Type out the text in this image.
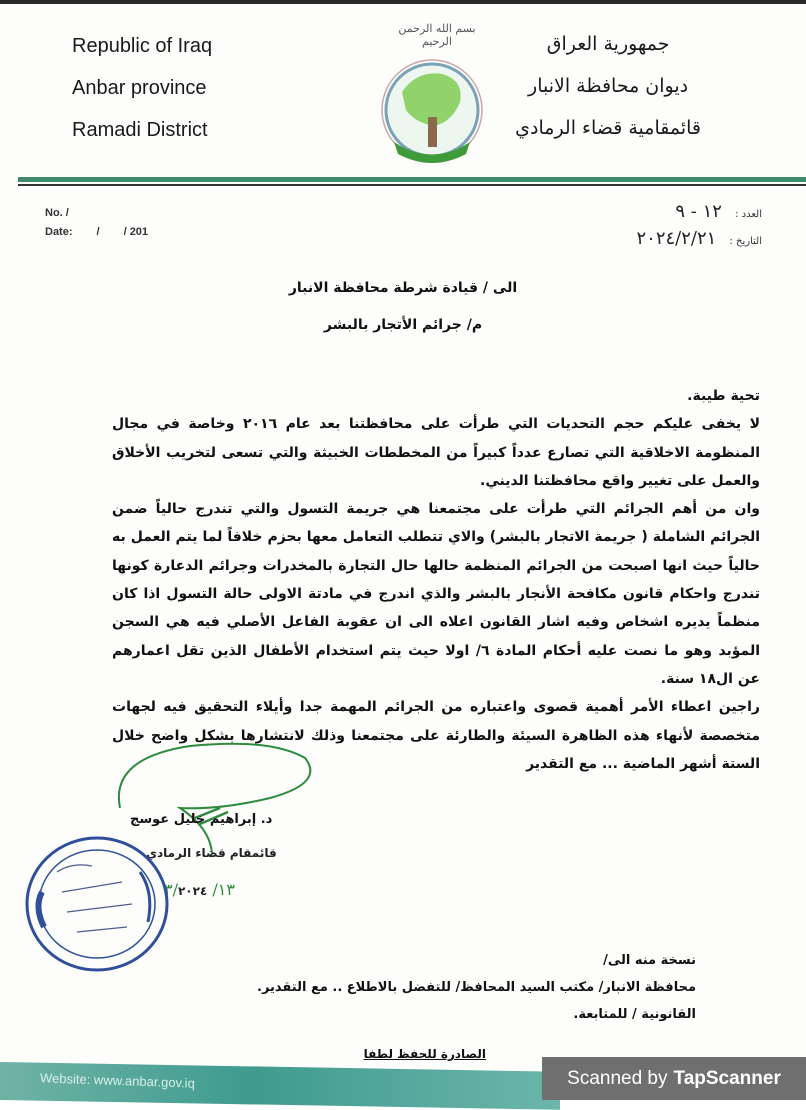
Republic of Iraq
Anbar province
Ramadi District
بسم الله الرحمن الرحيم	جمهورية العراق
ديوان محافظة الانبار
قائمقامية قضاء الرمادي
No. /
Date: / / 201
العدد : ١٢ - ٩
التاريخ : ٢٠٢٤/٢/٢١
الى / قيادة شرطة محافظة الانبار
م/ جرائم الأتجار بالبشر

تحية طيبة.

لا يخفى عليكم حجم التحديات التي طرأت على محافظتنا بعد عام ٢٠١٦ وخاصة في مجال المنظومة الاخلاقية التي تصارع عدداً كبيراً من المخططات الخبيثة والتي تسعى لتخريب الأخلاق والعمل على تغيير واقع محافظتنا الديني.

وان من أهم الجرائم التي طرأت على مجتمعنا هي جريمة التسول والتي تندرج حالياً ضمن الجرائم الشاملة ( جريمة الاتجار بالبشر) والاي تتطلب التعامل معها بحزم خلافاً لما يتم العمل به حالياً حيث انها اصبحت من الجرائم المنظمة حالها حال التجارة بالمخدرات وجرائم الدعارة كونها تندرج واحكام قانون مكافحة الأنجار بالبشر والذي اندرج في مادتة الاولى حالة التسول اذا كان منظماً يديره اشخاص وفيه اشار القانون اعلاه الى ان عقوبة الفاعل الأصلي فيه هي السجن المؤبد وهو ما نصت عليه أحكام المادة ٦/ اولا حيث يتم استخدام الأطفال الذين تقل اعمارهم عن ال١٨ سنة.

راجين اعطاء الأمر أهمية قصوى واعتباره من الجرائم المهمة جدا وأيلاء التحقيق فيه لجهات متخصصة لأنهاء هذه الظاهرة السيئة والطارئة على مجتمعنا وذلك لانتشارها بشكل واضح خلال الستة أشهر الماضية ... مع التقدير

د. إبراهيم خليل عوسج
قائمقام قضاء الرمادي
١٣/ ٣/٢٠٢٤

نسخة منه الى/

محافظة الانبار/ مكتب السيد المحافظ/ للتفضل بالاطلاع .. مع التقدير.

القانونية / للمتابعة.

الصادرة للحفظ لطفا
Website: www.anbar.gov.iq	Scanned by TapScanner
